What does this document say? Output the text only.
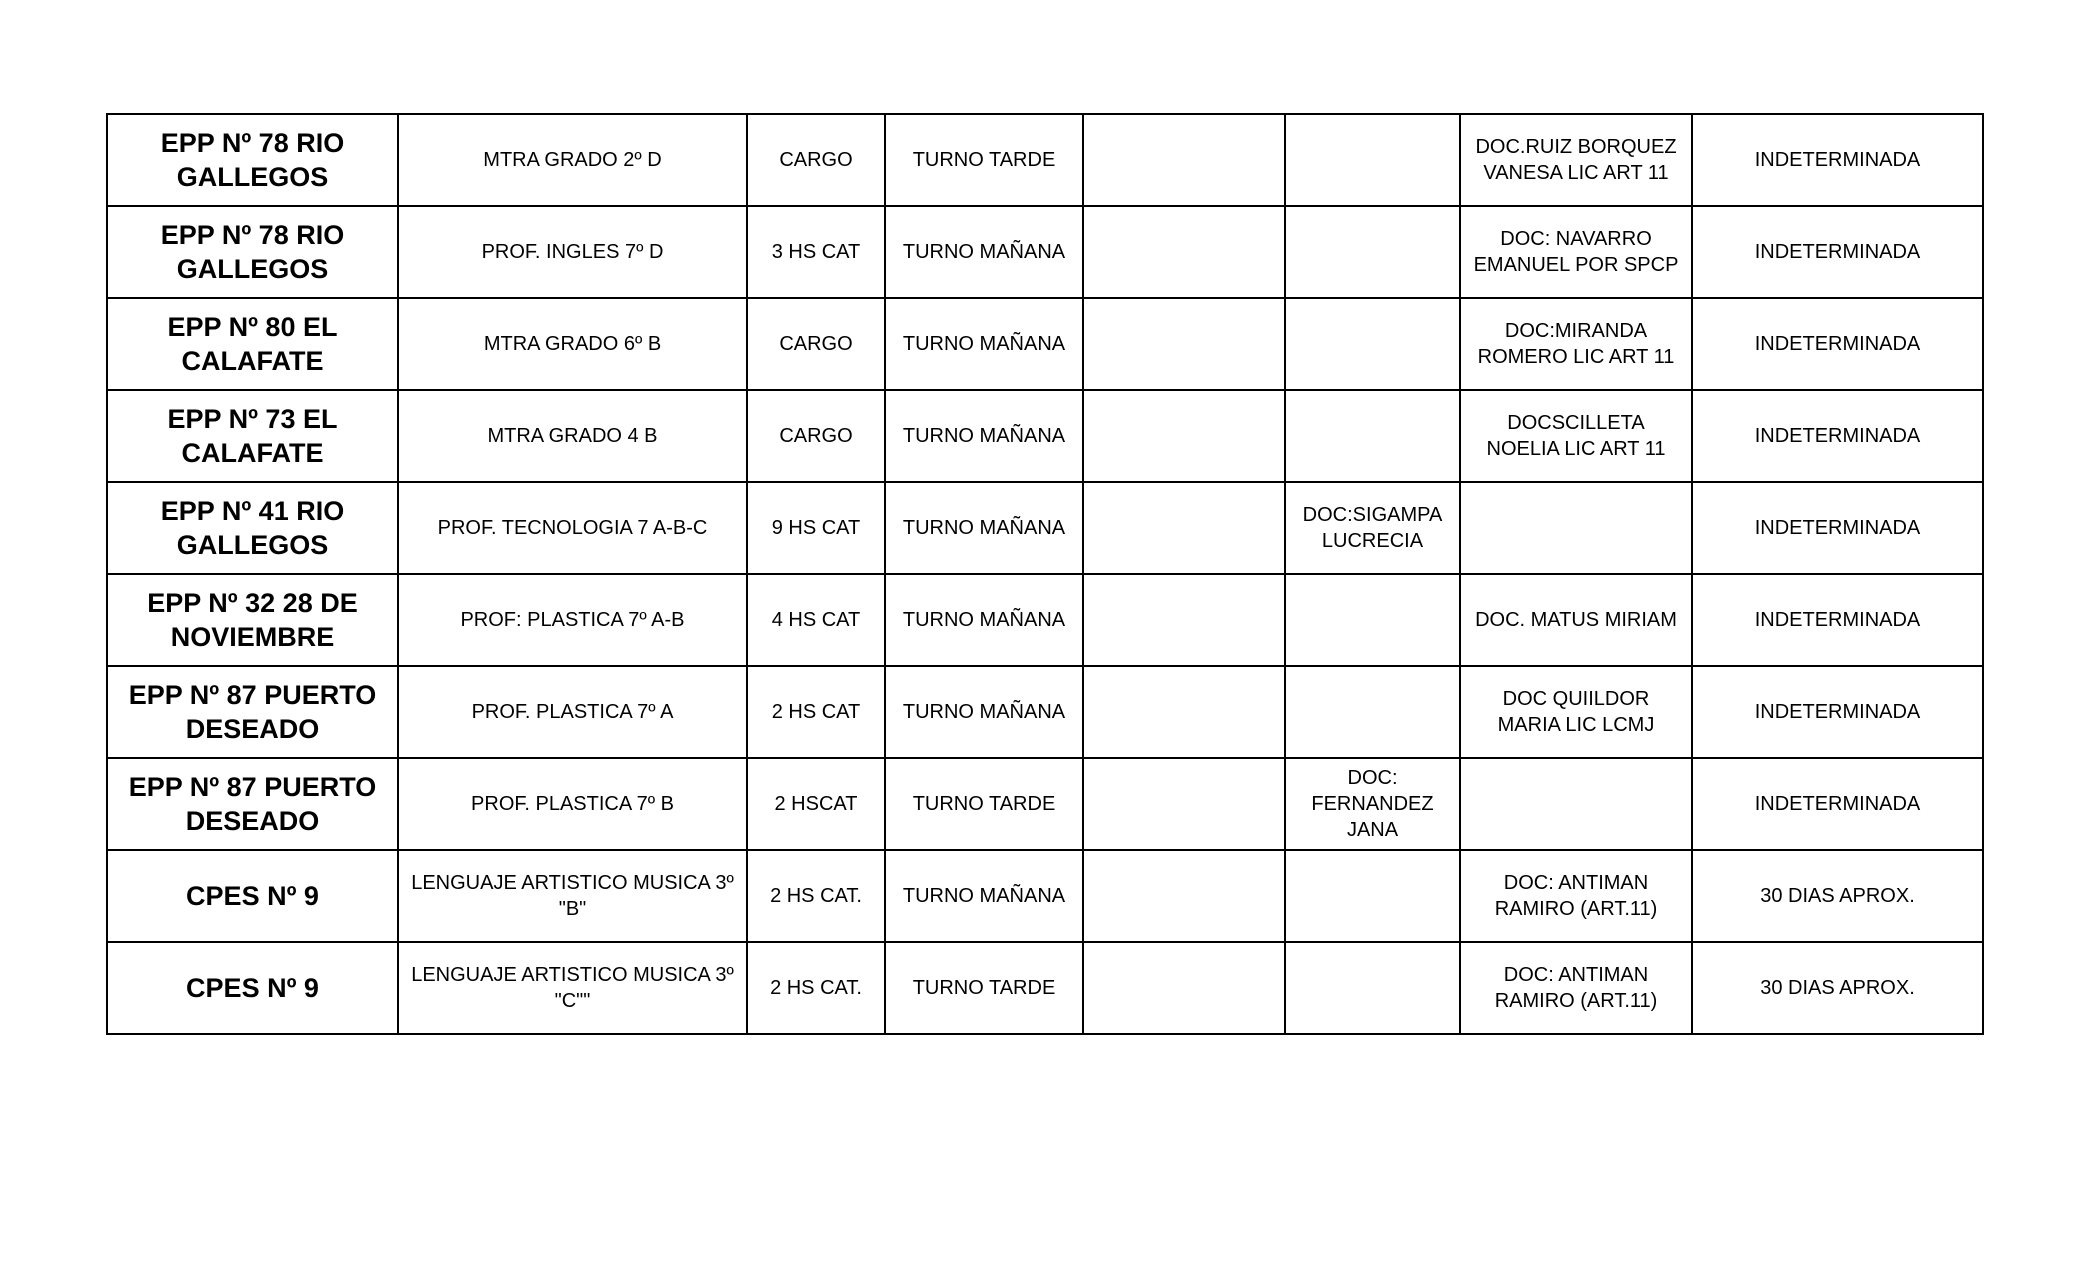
EPP Nº 78 RIO GALLEGOS	MTRA GRADO 2º D	CARGO	TURNO TARDE			DOC.RUIZ BORQUEZ VANESA LIC ART 11	INDETERMINADA
EPP Nº 78 RIO GALLEGOS	PROF. INGLES 7º D	3 HS CAT	TURNO MAÑANA			DOC: NAVARRO EMANUEL POR SPCP	INDETERMINADA
EPP Nº 80 EL CALAFATE	MTRA GRADO 6º B	CARGO	TURNO MAÑANA			DOC:MIRANDA ROMERO LIC ART 11	INDETERMINADA
EPP Nº 73 EL CALAFATE	MTRA GRADO 4 B	CARGO	TURNO MAÑANA			DOCSCILLETA NOELIA LIC ART 11	INDETERMINADA
EPP Nº 41 RIO GALLEGOS	PROF. TECNOLOGIA 7 A-B-C	9 HS CAT	TURNO MAÑANA		DOC:SIGAMPA LUCRECIA		INDETERMINADA
EPP Nº 32 28 DE NOVIEMBRE	PROF: PLASTICA 7º A-B	4 HS CAT	TURNO MAÑANA			DOC. MATUS MIRIAM	INDETERMINADA
EPP Nº 87 PUERTO DESEADO	PROF. PLASTICA 7º A	2 HS CAT	TURNO MAÑANA			DOC QUIILDOR MARIA LIC LCMJ	INDETERMINADA
EPP Nº 87 PUERTO DESEADO	PROF. PLASTICA 7º B	2 HSCAT	TURNO TARDE		DOC: FERNANDEZ JANA		INDETERMINADA
CPES Nº 9	LENGUAJE ARTISTICO MUSICA 3º "B"	2 HS CAT.	TURNO MAÑANA			DOC: ANTIMAN RAMIRO (ART.11)	30 DIAS APROX.
CPES Nº 9	LENGUAJE ARTISTICO MUSICA 3º "C""	2 HS CAT.	TURNO TARDE			DOC: ANTIMAN RAMIRO (ART.11)	30 DIAS APROX.
